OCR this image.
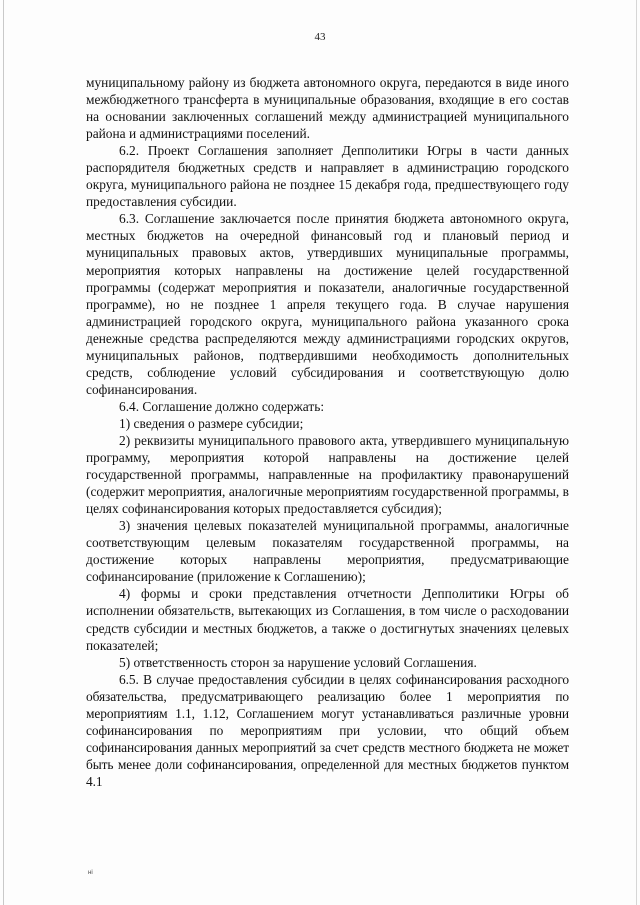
43

муниципальному району из бюджета автономного округа, передаются в виде иного межбюджетного трансферта в муниципальные образования, входящие в его состав на основании заключенных соглашений между администрацией муниципального района и администрациями поселений.

6.2. Проект Соглашения заполняет Депполитики Югры в части данных распорядителя бюджетных средств и направляет в администрацию городского округа, муниципального района не позднее 15 декабря года, предшествующего году предоставления субсидии.

6.3. Соглашение заключается после принятия бюджета автономного округа, местных бюджетов на очередной финансовый год и плановый период и муниципальных правовых актов, утвердивших муниципальные программы, мероприятия которых направлены на достижение целей государственной программы (содержат мероприятия и показатели, аналогичные государственной программе), но не позднее 1 апреля текущего года. В случае нарушения администрацией городского округа, муниципального района указанного срока денежные средства распределяются между администрациями городских округов, муниципальных районов, подтвердившими необходимость дополнительных средств, соблюдение условий субсидирования и соответствующую долю софинансирования.

6.4. Соглашение должно содержать:

1) сведения о размере субсидии;

2) реквизиты муниципального правового акта, утвердившего муниципальную программу, мероприятия которой направлены на достижение целей государственной программы, направленные на профилактику правонарушений (содержит мероприятия, аналогичные мероприятиям государственной программы, в целях софинансирования которых предоставляется субсидия);

3) значения целевых показателей муниципальной программы, аналогичные соответствующим целевым показателям государственной программы, на достижение которых направлены мероприятия, предусматривающие софинансирование (приложение к Соглашению);

4) формы и сроки представления отчетности Депполитики Югры об исполнении обязательств, вытекающих из Соглашения, в том числе о расходовании средств субсидии и местных бюджетов, а также о достигнутых значениях целевых показателей;

5) ответственность сторон за нарушение условий Соглашения.

6.5. В случае предоставления субсидии в целях софинансирования расходного обязательства, предусматривающего реализацию более 1 мероприятия по мероприятиям 1.1, 1.12, Соглашением могут устанавливаться различные уровни софинансирования по мероприятиям при условии, что общий объем софинансирования данных мероприятий за счет средств местного бюджета не может быть менее доли софинансирования, определенной для местных бюджетов пунктом 4.1

ні
